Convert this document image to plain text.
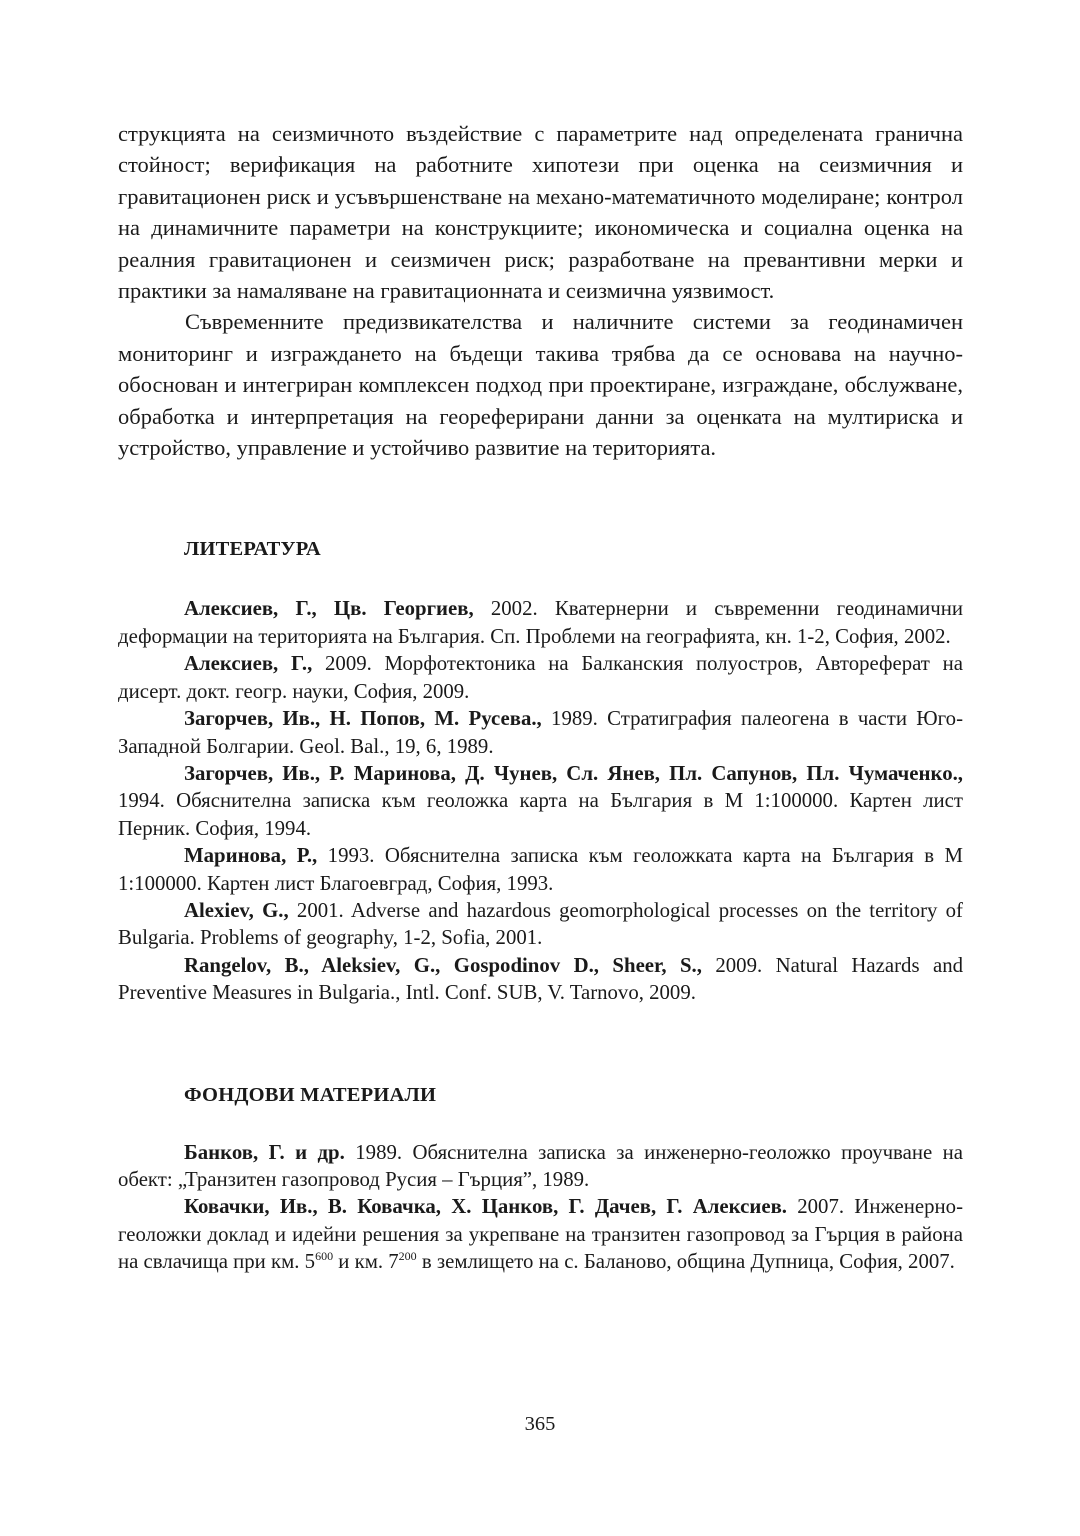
струкцията на сеизмичното въздействие с параметрите над определената гранична стойност; верификация на работните хипотези при оценка на сеизмичния и гравитационен риск и усъвършенстване на механо-математичното моделиране; контрол на динамичните параметри на конструкциите; икономическа и социална оценка на реалния гравитационен и сеизмичен риск; разработване на превантивни мерки и практики за намаляване на гравитационната и сеизмична уязвимост.

Съвременните предизвикателства и наличните системи за геодинамичен мониторинг и изграждането на бъдещи такива трябва да се основава на научно-обоснован и интегриран комплексен подход при проектиране, изграждане, обслужване, обработка и интерпретация на геореферирани данни за оценката на мултириска и устройство, управление и устойчиво развитие на територията.

ЛИТЕРАТУРА

Алексиев, Г., Цв. Георгиев, 2002. Кватернерни и съвременни геодинамични деформации на територията на България. Сп. Проблеми на географията, кн. 1-2, София, 2002.

Алексиев, Г., 2009. Морфотектоника на Балканския полуостров, Автореферат на дисерт. докт. геогр. науки, София, 2009.

Загорчев, Ив., Н. Попов, М. Русева., 1989. Стратиграфия палеогена в части Юго-Западной Болгарии. Geol. Bal., 19, 6, 1989.

Загорчев, Ив., Р. Маринова, Д. Чунев, Сл. Янев, Пл. Сапунов, Пл. Чумаченко., 1994. Обяснителна записка към геоложка карта на България в М 1:100000. Картен лист Перник. София, 1994.

Маринова, Р., 1993. Обяснителна записка към геоложката карта на България в М 1:100000. Картен лист Благоевград, София, 1993.

Alexiev, G., 2001. Adverse and hazardous geomorphological processes on the territory of Bulgaria. Problems of geography, 1-2, Sofia, 2001.

Rangelov, B., Aleksiev, G., Gospodinov D., Sheer, S., 2009. Natural Hazards and Preventive Measures in Bulgaria., Intl. Conf. SUB, V. Tarnovo, 2009.

ФОНДОВИ МАТЕРИАЛИ

Банков, Г. и др. 1989. Обяснителна записка за инженерно-геоложко проучване на обект: „Транзитен газопровод Русия – Гърция”, 1989.

Ковачки, Ив., В. Ковачка, Х. Цанков, Г. Дачев, Г. Алексиев. 2007. Инженерно-геоложки доклад и идейни решения за укрепване на транзитен газопровод за Гърция в района на свлачища при км. $5^{600}$ и км. $7^{200}$ в землището на с. Баланово, община Дупница, София, 2007.

365
